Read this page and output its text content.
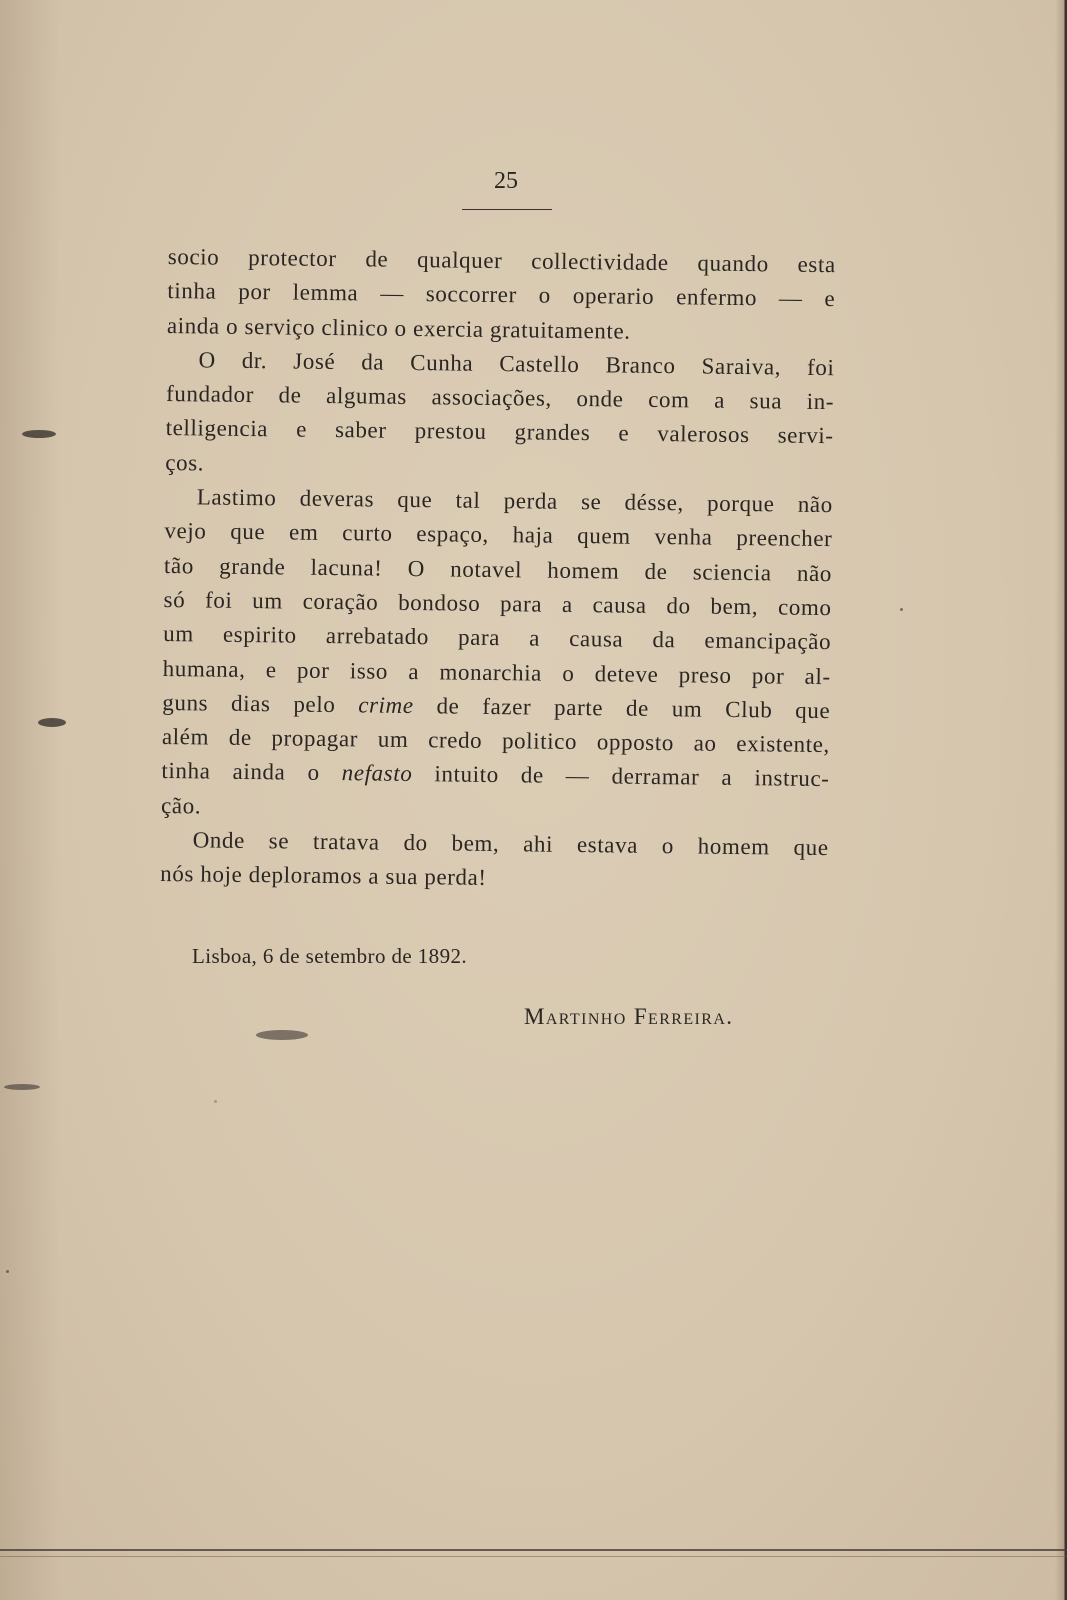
25
socio protector de qualquer collectividade quando esta
tinha por lemma — soccorrer o operario enfermo — e
ainda o serviço clinico o exercia gratuitamente.
O dr. José da Cunha Castello Branco Saraiva, foi
fundador de algumas associações, onde com a sua in-
telligencia e saber prestou grandes e valerosos servi-
ços.
Lastimo deveras que tal perda se désse, porque não
vejo que em curto espaço, haja quem venha preencher
tão grande lacuna! O notavel homem de sciencia não
só foi um coração bondoso para a causa do bem, como
um espirito arrebatado para a causa da emancipação
humana, e por isso a monarchia o deteve preso por al-
guns dias pelo crime de fazer parte de um Club que
além de propagar um credo politico opposto ao existente,
tinha ainda o nefasto intuito de — derramar a instruc-
ção.
Onde se tratava do bem, ahi estava o homem que
nós hoje deploramos a sua perda!
Lisboa, 6 de setembro de 1892.
Martinho Ferreira.
